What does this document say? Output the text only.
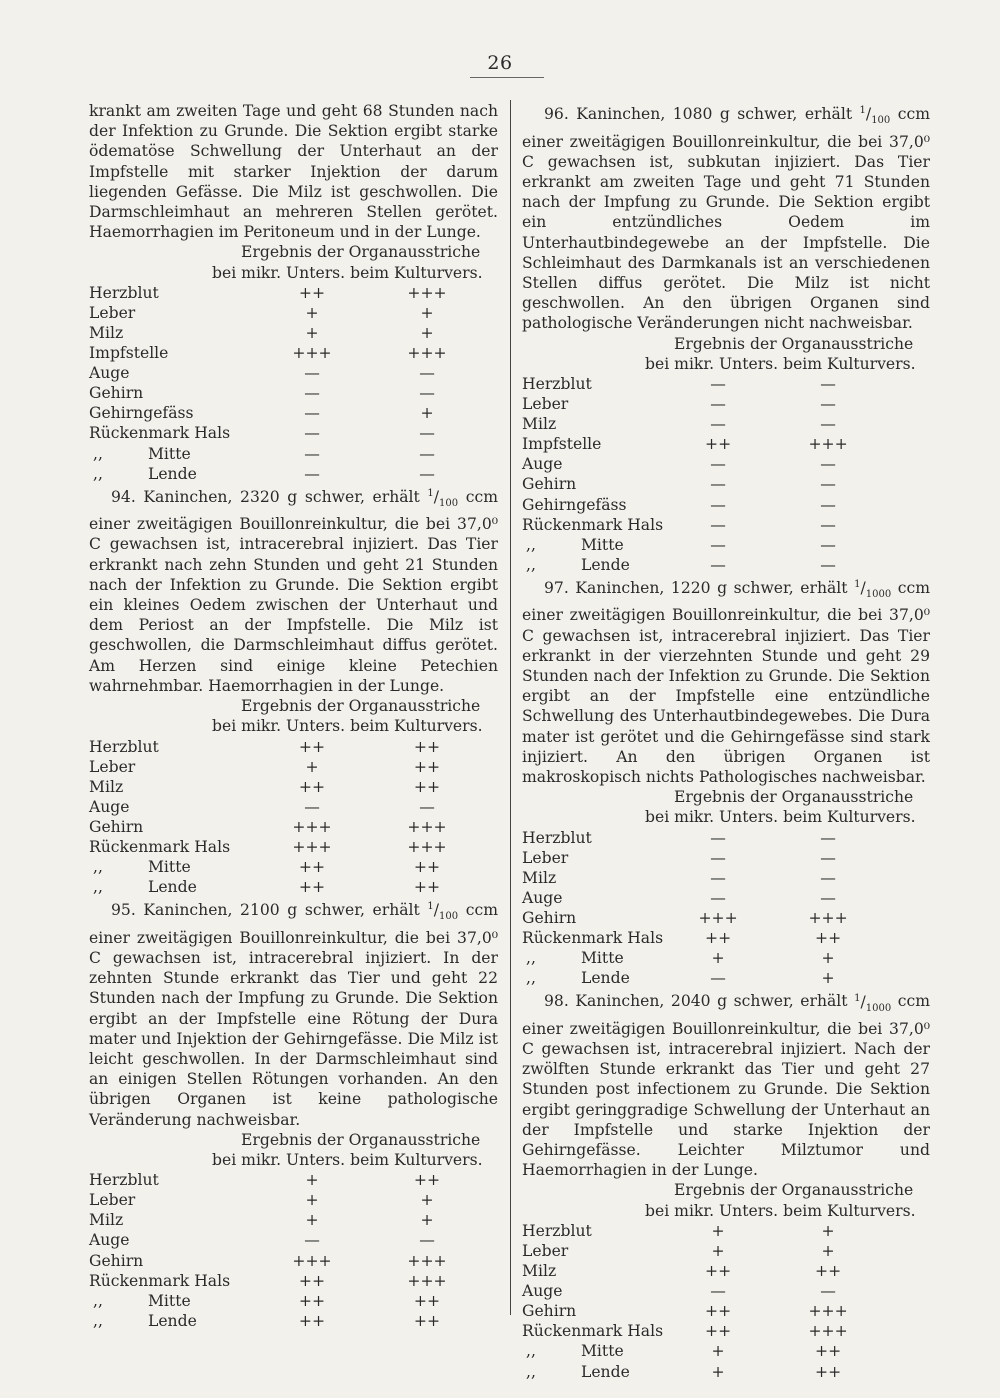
26

krankt am zweiten Tage und geht 68 Stunden nach der Infektion zu Grunde. Die Sektion ergibt starke ödematöse Schwellung der Unterhaut an der Impfstelle mit starker Injektion der darum liegenden Gefässe. Die Milz ist geschwollen. Die Darmschleimhaut an mehreren Stellen gerötet. Haemorrhagien im Peritoneum und in der Lunge.

Ergebnis der Organausstriche

bei mikr. Unters. beim Kulturvers.

Herzblut	++	+++
Leber	+	+
Milz	+	+
Impfstelle	+++	+++
Auge	—	—
Gehirn	—	—
Gehirngefäss	—	+
Rückenmark Hals	—	—
,, Mitte	—	—
,, Lende	—	—

94. Kaninchen, 2320 g schwer, erhält $^1/_{100}$ ccm einer zweitägigen Bouillonreinkultur, die bei 37,0⁰ C gewachsen ist, intracerebral injiziert. Das Tier erkrankt nach zehn Stunden und geht 21 Stunden nach der Infektion zu Grunde. Die Sektion ergibt ein kleines Oedem zwischen der Unterhaut und dem Periost an der Impfstelle. Die Milz ist geschwollen, die Darmschleimhaut diffus gerötet. Am Herzen sind einige kleine Petechien wahrnehmbar. Haemorrhagien in der Lunge.

Ergebnis der Organausstriche

bei mikr. Unters. beim Kulturvers.

Herzblut	++	++
Leber	+	++
Milz	++	++
Auge	—	—
Gehirn	+++	+++
Rückenmark Hals	+++	+++
,, Mitte	++	++
,, Lende	++	++

95. Kaninchen, 2100 g schwer, erhält $^1/_{100}$ ccm einer zweitägigen Bouillonreinkultur, die bei 37,0⁰ C gewachsen ist, intracerebral injiziert. In der zehnten Stunde erkrankt das Tier und geht 22 Stunden nach der Impfung zu Grunde. Die Sektion ergibt an der Impfstelle eine Rötung der Dura mater und Injektion der Gehirngefässe. Die Milz ist leicht geschwollen. In der Darmschleimhaut sind an einigen Stellen Rötungen vorhanden. An den übrigen Organen ist keine pathologische Veränderung nachweisbar.

Ergebnis der Organausstriche

bei mikr. Unters. beim Kulturvers.

Herzblut	+	++
Leber	+	+
Milz	+	+
Auge	—	—
Gehirn	+++	+++
Rückenmark Hals	++	+++
,, Mitte	++	++
,, Lende	++	++

96. Kaninchen, 1080 g schwer, erhält $^1/_{100}$ ccm einer zweitägigen Bouillonreinkultur, die bei 37,0⁰ C gewachsen ist, subkutan injiziert. Das Tier erkrankt am zweiten Tage und geht 71 Stunden nach der Impfung zu Grunde. Die Sektion ergibt ein entzündliches Oedem im Unterhautbindegewebe an der Impfstelle. Die Schleimhaut des Darmkanals ist an verschiedenen Stellen diffus gerötet. Die Milz ist nicht geschwollen. An den übrigen Organen sind pathologische Veränderungen nicht nachweisbar.

Ergebnis der Organausstriche

bei mikr. Unters. beim Kulturvers.

Herzblut	—	—
Leber	—	—
Milz	—	—
Impfstelle	++	+++
Auge	—	—
Gehirn	—	—
Gehirngefäss	—	—
Rückenmark Hals	—	—
,, Mitte	—	—
,, Lende	—	—

97. Kaninchen, 1220 g schwer, erhält $^1/_{1000}$ ccm einer zweitägigen Bouillonreinkultur, die bei 37,0⁰ C gewachsen ist, intracerebral injiziert. Das Tier erkrankt in der vierzehnten Stunde und geht 29 Stunden nach der Infektion zu Grunde. Die Sektion ergibt an der Impfstelle eine entzündliche Schwellung des Unterhautbindegewebes. Die Dura mater ist gerötet und die Gehirngefässe sind stark injiziert. An den übrigen Organen ist makroskopisch nichts Pathologisches nachweisbar.

Ergebnis der Organausstriche

bei mikr. Unters. beim Kulturvers.

Herzblut	—	—
Leber	—	—
Milz	—	—
Auge	—	—
Gehirn	+++	+++
Rückenmark Hals	++	++
,, Mitte	+	+
,, Lende	—	+

98. Kaninchen, 2040 g schwer, erhält $^1/_{1000}$ ccm einer zweitägigen Bouillonreinkultur, die bei 37,0⁰ C gewachsen ist, intracerebral injiziert. Nach der zwölften Stunde erkrankt das Tier und geht 27 Stunden post infectionem zu Grunde. Die Sektion ergibt geringgradige Schwellung der Unterhaut an der Impfstelle und starke Injektion der Gehirngefässe. Leichter Milztumor und Haemorrhagien in der Lunge.

Ergebnis der Organausstriche

bei mikr. Unters. beim Kulturvers.

Herzblut	+	+
Leber	+	+
Milz	++	++
Auge	—	—
Gehirn	++	+++
Rückenmark Hals	++	+++
,, Mitte	+	++
,, Lende	+	++
